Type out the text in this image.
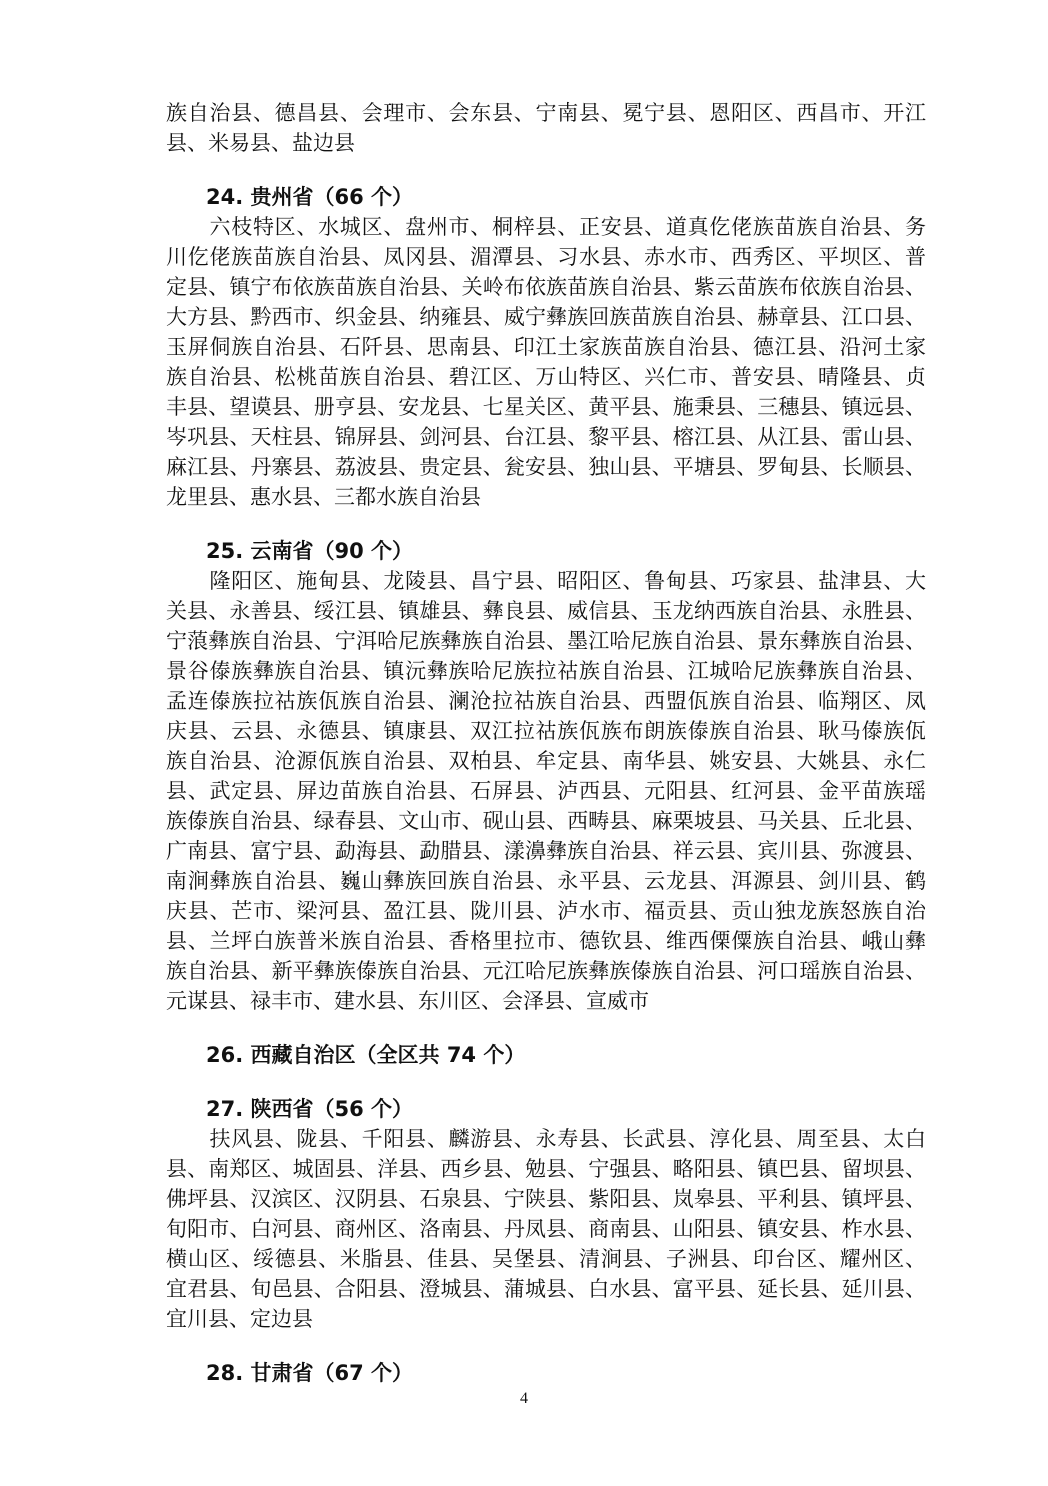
族自治县、德昌县、会理市、会东县、宁南县、冕宁县、恩阳区、西昌市、开江

县、米易县、盐边县

24. 贵州省（66 个）

　　六枝特区、水城区、盘州市、桐梓县、正安县、道真仡佬族苗族自治县、务

川仡佬族苗族自治县、凤冈县、湄潭县、习水县、赤水市、西秀区、平坝区、普

定县、镇宁布依族苗族自治县、关岭布依族苗族自治县、紫云苗族布依族自治县、

大方县、黔西市、织金县、纳雍县、威宁彝族回族苗族自治县、赫章县、江口县、

玉屏侗族自治县、石阡县、思南县、印江土家族苗族自治县、德江县、沿河土家

族自治县、松桃苗族自治县、碧江区、万山特区、兴仁市、普安县、晴隆县、贞

丰县、望谟县、册亨县、安龙县、七星关区、黄平县、施秉县、三穗县、镇远县、

岑巩县、天柱县、锦屏县、剑河县、台江县、黎平县、榕江县、从江县、雷山县、

麻江县、丹寨县、荔波县、贵定县、瓮安县、独山县、平塘县、罗甸县、长顺县、

龙里县、惠水县、三都水族自治县

25. 云南省（90 个）

　　隆阳区、施甸县、龙陵县、昌宁县、昭阳区、鲁甸县、巧家县、盐津县、大

关县、永善县、绥江县、镇雄县、彝良县、威信县、玉龙纳西族自治县、永胜县、

宁蒗彝族自治县、宁洱哈尼族彝族自治县、墨江哈尼族自治县、景东彝族自治县、

景谷傣族彝族自治县、镇沅彝族哈尼族拉祜族自治县、江城哈尼族彝族自治县、

孟连傣族拉祜族佤族自治县、澜沧拉祜族自治县、西盟佤族自治县、临翔区、凤

庆县、云县、永德县、镇康县、双江拉祜族佤族布朗族傣族自治县、耿马傣族佤

族自治县、沧源佤族自治县、双柏县、牟定县、南华县、姚安县、大姚县、永仁

县、武定县、屏边苗族自治县、石屏县、泸西县、元阳县、红河县、金平苗族瑶

族傣族自治县、绿春县、文山市、砚山县、西畴县、麻栗坡县、马关县、丘北县、

广南县、富宁县、勐海县、勐腊县、漾濞彝族自治县、祥云县、宾川县、弥渡县、

南涧彝族自治县、巍山彝族回族自治县、永平县、云龙县、洱源县、剑川县、鹤

庆县、芒市、梁河县、盈江县、陇川县、泸水市、福贡县、贡山独龙族怒族自治

县、兰坪白族普米族自治县、香格里拉市、德钦县、维西傈僳族自治县、峨山彝

族自治县、新平彝族傣族自治县、元江哈尼族彝族傣族自治县、河口瑶族自治县、

元谋县、禄丰市、建水县、东川区、会泽县、宣威市

26. 西藏自治区（全区共 74 个）
27. 陕西省（56 个）

　　扶风县、陇县、千阳县、麟游县、永寿县、长武县、淳化县、周至县、太白

县、南郑区、城固县、洋县、西乡县、勉县、宁强县、略阳县、镇巴县、留坝县、

佛坪县、汉滨区、汉阴县、石泉县、宁陕县、紫阳县、岚皋县、平利县、镇坪县、

旬阳市、白河县、商州区、洛南县、丹凤县、商南县、山阳县、镇安县、柞水县、

横山区、绥德县、米脂县、佳县、吴堡县、清涧县、子洲县、印台区、耀州区、

宜君县、旬邑县、合阳县、澄城县、蒲城县、白水县、富平县、延长县、延川县、

宜川县、定边县

28. 甘肃省（67 个）
4
